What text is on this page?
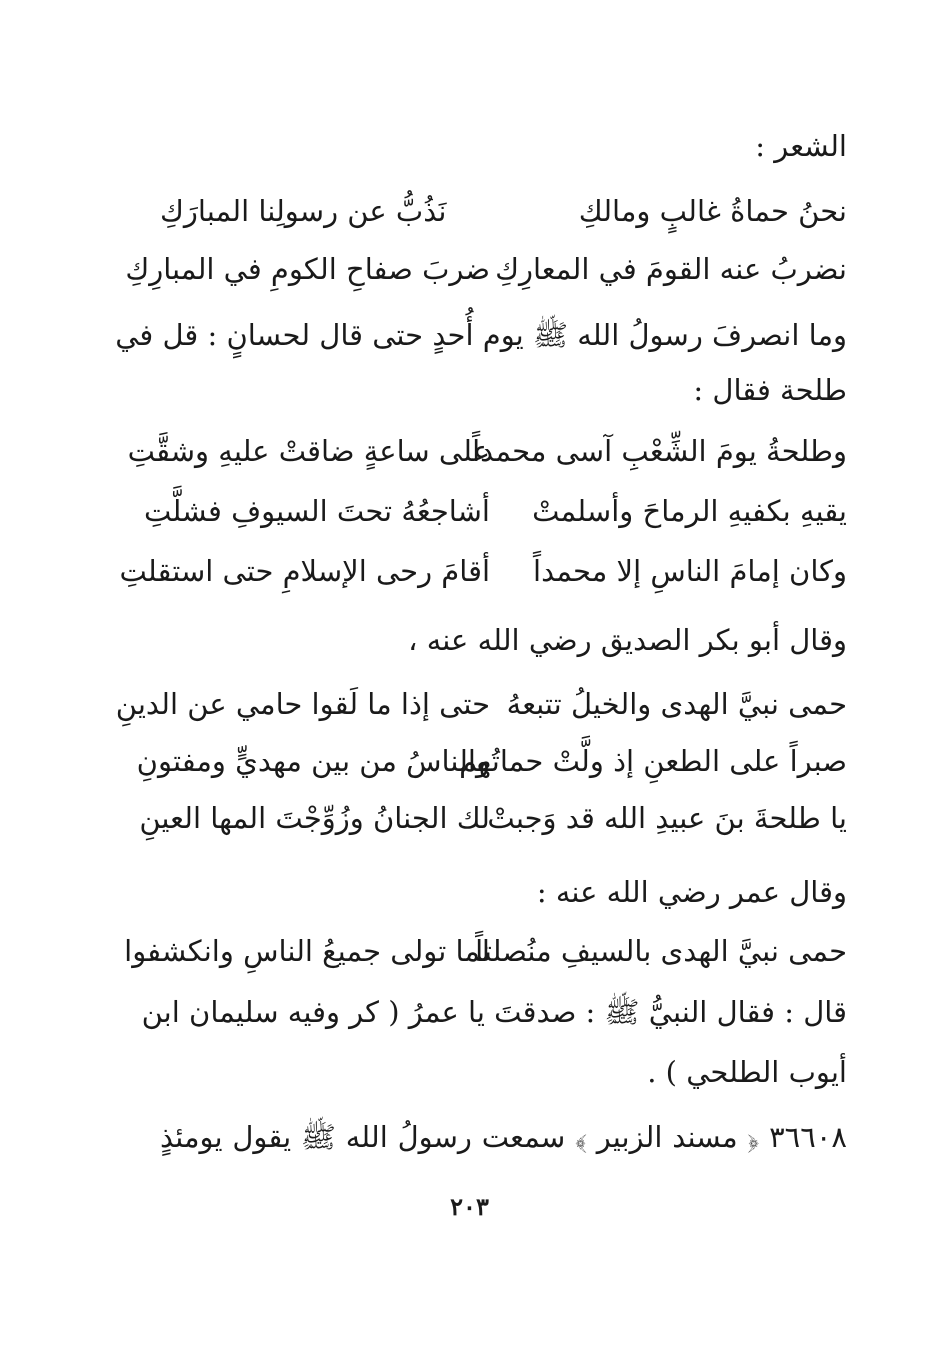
الشعر :
نحنُ حماةُ غالبٍ ومالكِ
نَذُبُّ عن رسولِنا المبارَكِ
نضربُ عنه القومَ في المعارِكِ
ضربَ صفاحِ الكومِ في المبارِكِ
وما انصرفَ رسولُ الله ﷺ يوم أُحدٍ حتى قال لحسانٍ : قل في
طلحة فقال :
وطلحةُ يومَ الشِّعْبِ آسى محمداً
على ساعةٍ ضاقتْ عليهِ وشقَّتِ
يقيهِ بكفيهِ الرماحَ وأسلمتْ
أشاجعُهُ تحتَ السيوفِ فشلَّتِ
وكان إمامَ الناسِ إلا محمداً
أقامَ رحى الإسلامِ حتى استقلتِ
وقال أبو بكر الصديق رضي الله عنه ،
حمى نبيَّ الهدى والخيلُ تتبعهُ
حتى إذا ما لَقوا حامي عن الدينِ
صبراً على الطعنِ إذ ولَّتْ حماتُهم
والناسُ من بين مهديٍّ ومفتونِ
يا طلحةَ بنَ عبيدِ الله قد وَجبتْ
لك الجنانُ وزُوِّجْتَ المها العينِ
وقال عمر رضي الله عنه :
حمى نبيَّ الهدى بالسيفِ منُصلتاً
لما تولى جميعُ الناسِ وانكشفوا
قال : فقال النبيُّ ﷺ : صدقتَ يا عمرُ ( كر وفيه سليمان ابن
أيوب الطلحي ) .
٣٦٦٠٨ ﴿ مسند الزبير ﴾ سمعت رسولُ الله ﷺ يقول يومئذٍ
٢٠٣
